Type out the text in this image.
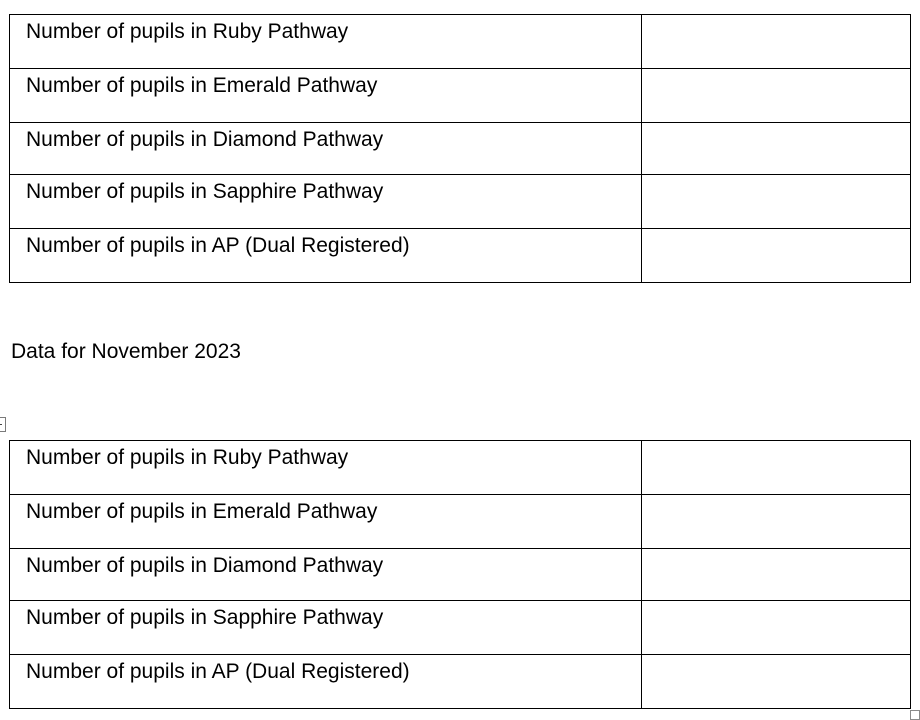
Number of pupils in Ruby Pathway	

Number of pupils in Emerald Pathway	

Number of pupils in Diamond Pathway	

Number of pupils in Sapphire Pathway	

Number of pupils in AP (Dual Registered)	

Data for November 2023

Number of pupils in Ruby Pathway	

Number of pupils in Emerald Pathway	

Number of pupils in Diamond Pathway	

Number of pupils in Sapphire Pathway	

Number of pupils in AP (Dual Registered)	
